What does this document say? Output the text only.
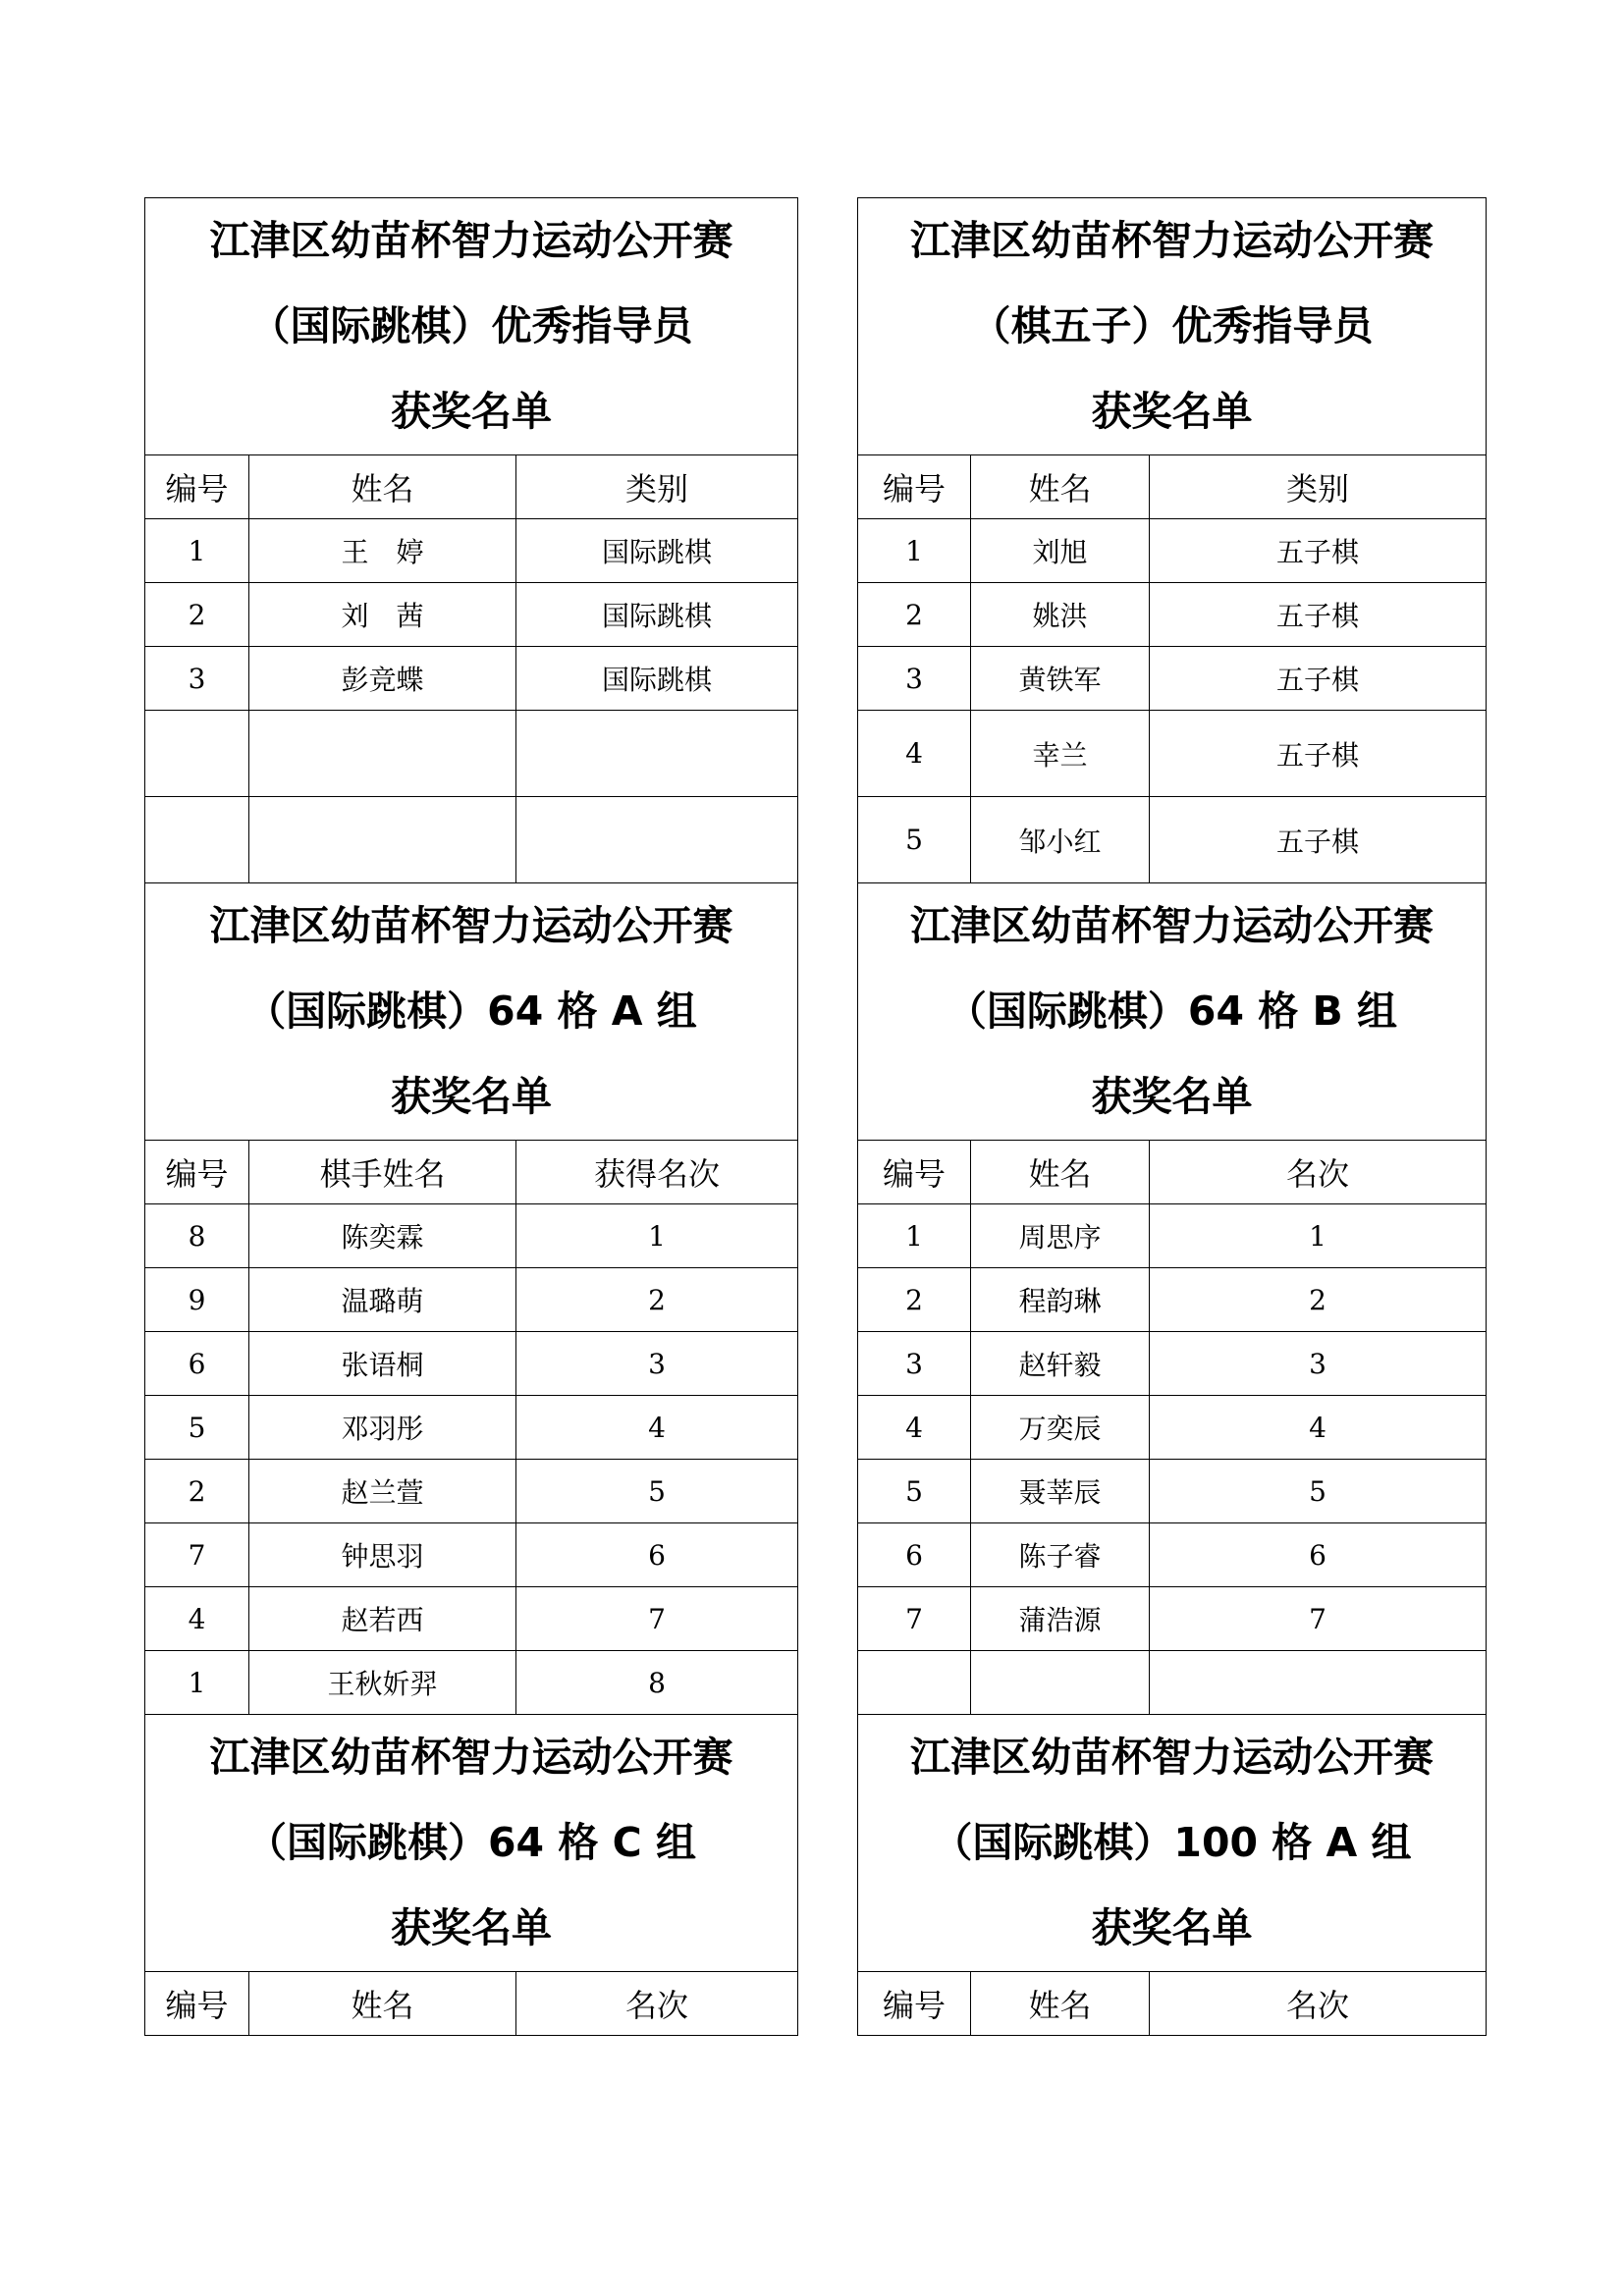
江津区幼苗杯智力运动公开赛
（国际跳棋）优秀指导员
获奖名单		

编号	姓名	类别
1	王　婷	国际跳棋
2	刘　茜	国际跳棋
3	彭竞蝶	国际跳棋

江津区幼苗杯智力运动公开赛
（国际跳棋）64 格 A 组
获奖名单		

编号	棋手姓名	获得名次
8	陈奕霖	1
9	温璐萌	2
6	张语桐	3
5	邓羽彤	4
2	赵兰萱	5
7	钟思羽	6
4	赵若西	7
1	王秋妡羿	8

江津区幼苗杯智力运动公开赛
（国际跳棋）64 格 C 组
获奖名单		

编号	姓名	名次
江津区幼苗杯智力运动公开赛
（棋五子）优秀指导员
获奖名单		

编号	姓名	类别
1	刘旭	五子棋
2	姚洪	五子棋
3	黄铁军	五子棋
4	幸兰	五子棋
5	邹小红	五子棋

江津区幼苗杯智力运动公开赛
（国际跳棋）64 格 B 组
获奖名单		

编号	姓名	名次
1	周思序	1
2	程韵琳	2
3	赵轩毅	3
4	万奕辰	4
5	聂莘辰	5
6	陈子睿	6
7	蒲浩源	7

江津区幼苗杯智力运动公开赛
（国际跳棋）100 格 A 组
获奖名单		

编号	姓名	名次
